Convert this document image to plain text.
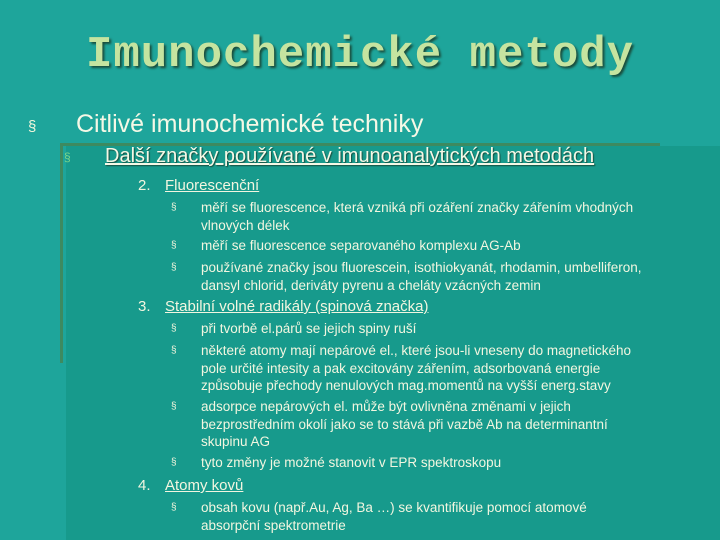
Imunochemické metody
§ Citlivé imunochemické techniky
§ Další značky používané v imunoanalytických metodách
2. Fluorescenční
§ měří se fluorescence, která vzniká při ozáření značky zářením vhodných
vlnových délek
§ měří se fluorescence separovaného komplexu AG-Ab
§ používané značky jsou fluorescein, isothiokyanát, rhodamin, umbelliferon,
dansyl chlorid, deriváty pyrenu a cheláty vzácných zemin
3. Stabilní volné radikály (spinová značka)
§ při tvorbě el.párů se jejich spiny ruší
§ některé atomy mají nepárové el., které jsou-li vneseny do magnetického
pole určité intesity a pak excitovány zářením, adsorbovaná energie
způsobuje přechody nenulových mag.momentů na vyšší energ.stavy
§ adsorpce nepárových el. může být ovlivněna změnami v jejich
bezprostředním okolí jako se to stává při vazbě Ab na determinantní
skupinu AG
§ tyto změny je možné stanovit v EPR spektroskopu
4. Atomy kovů
§ obsah kovu (např.Au, Ag, Ba …) se kvantifikuje pomocí atomové
absorpční spektrometrie
